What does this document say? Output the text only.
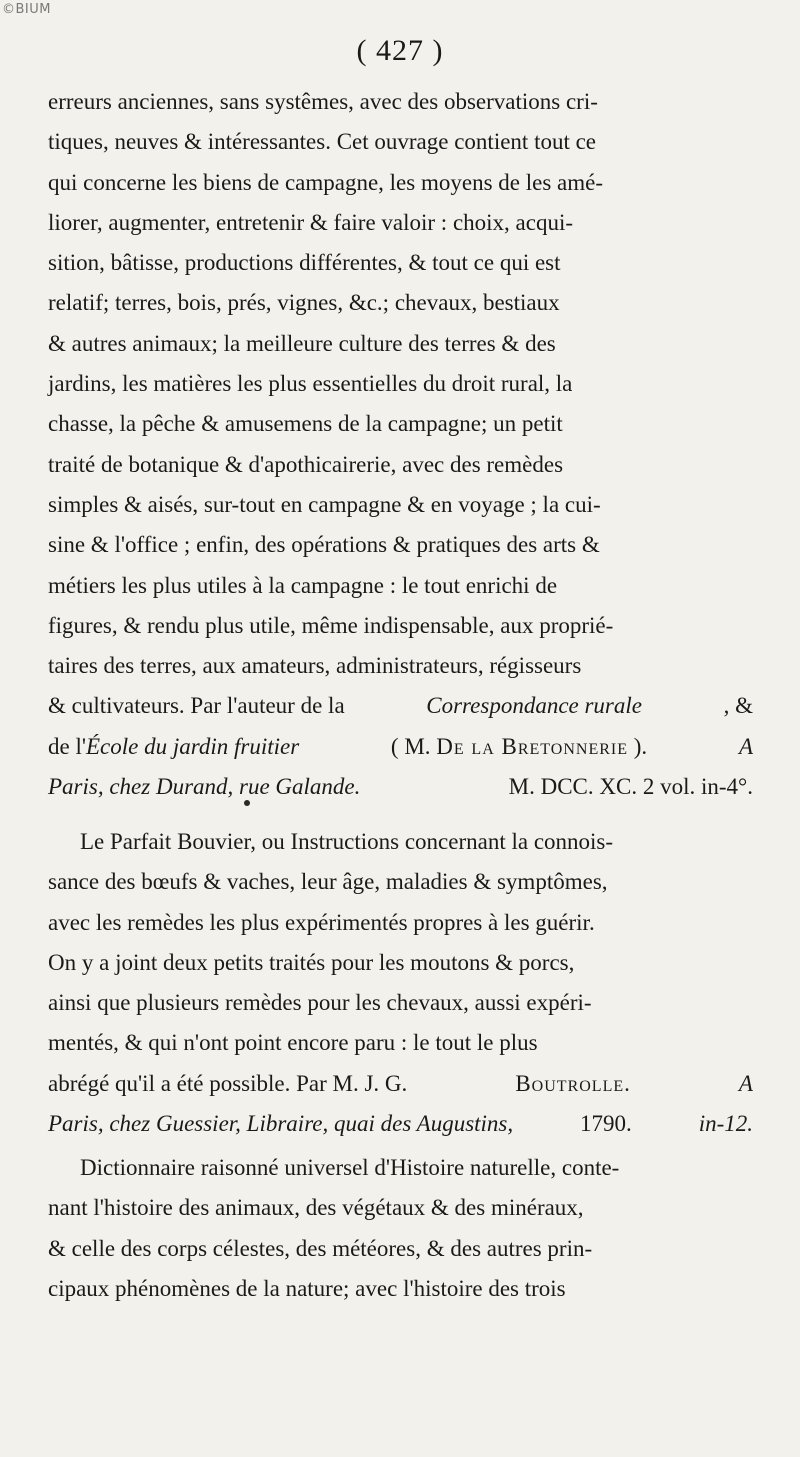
©BIUM
( 427 )
erreurs anciennes, sans systêmes, avec des observations cri-
tiques, neuves & intéressantes. Cet ouvrage contient tout ce
qui concerne les biens de campagne, les moyens de les amé-
liorer, augmenter, entretenir & faire valoir : choix, acqui-
sition, bâtisse, productions différentes, & tout ce qui est
relatif; terres, bois, prés, vignes, &c.; chevaux, bestiaux
& autres animaux; la meilleure culture des terres & des
jardins, les matières les plus essentielles du droit rural, la
chasse, la pêche & amusemens de la campagne; un petit
traité de botanique & d'apothicairerie, avec des remèdes
simples & aisés, sur-tout en campagne & en voyage ; la cui-
sine & l'office ; enfin, des opérations & pratiques des arts &
métiers les plus utiles à la campagne : le tout enrichi de
figures, & rendu plus utile, même indispensable, aux proprié-
taires des terres, aux amateurs, administrateurs, régisseurs
& cultivateurs. Par l'auteur de la	Correspondance rurale	, &
de l'École du jardin fruitier	( M. De la Bretonnerie ).	A
Paris, chez Durand, rue Galande.	M. DCC. XC. 2 vol. in-4°.
Le Parfait Bouvier, ou Instructions concernant la connois-
sance des bœufs & vaches, leur âge, maladies & symptômes,
avec les remèdes les plus expérimentés propres à les guérir.
On y a joint deux petits traités pour les moutons & porcs,
ainsi que plusieurs remèdes pour les chevaux, aussi expéri-
mentés, & qui n'ont point encore paru : le tout le plus
abrégé qu'il a été possible. Par M. J. G.	Boutrolle.	A
Paris, chez Guessier, Libraire, quai des Augustins,	1790.	in-12.
Dictionnaire raisonné universel d'Histoire naturelle, conte-
nant l'histoire des animaux, des végétaux & des minéraux,
& celle des corps célestes, des météores, & des autres prin-
cipaux phénomènes de la nature; avec l'histoire des trois
